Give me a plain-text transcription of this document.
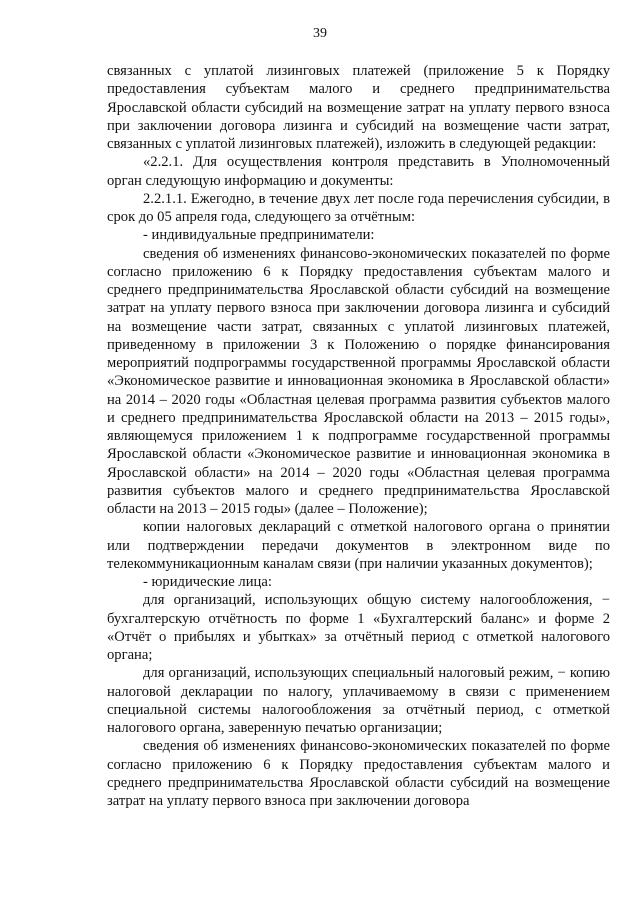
39

связанных с уплатой лизинговых платежей (приложение 5 к Порядку предоставления субъектам малого и среднего предпринимательства Ярославской области субсидий на возмещение затрат на уплату первого взноса при заключении договора лизинга и субсидий на возмещение части затрат, связанных с уплатой лизинговых платежей), изложить в следующей редакции:

«2.2.1. Для осуществления контроля представить в Уполномоченный орган следующую информацию и документы:

2.2.1.1. Ежегодно, в течение двух лет после года перечисления субсидии, в срок до 05 апреля года, следующего за отчётным:

- индивидуальные предприниматели:

сведения об изменениях финансово-экономических показателей по форме согласно приложению 6 к Порядку предоставления субъектам малого и среднего предпринимательства Ярославской области субсидий на возмещение затрат на уплату первого взноса при заключении договора лизинга и субсидий на возмещение части затрат, связанных с уплатой лизинговых платежей, приведенному в приложении 3 к Положению о порядке финансирования мероприятий подпрограммы государственной программы Ярославской области «Экономическое развитие и инновационная экономика в Ярославской области» на 2014 – 2020 годы «Областная целевая программа развития субъектов малого и среднего предпринимательства Ярославской области на 2013 – 2015 годы», являющемуся приложением 1 к подпрограмме государственной программы Ярославской области «Экономическое развитие и инновационная экономика в Ярославской области» на 2014 – 2020 годы «Областная целевая программа развития субъектов малого и среднего предпринимательства Ярославской области на 2013 – 2015 годы» (далее – Положение);

копии налоговых деклараций с отметкой налогового органа о принятии или подтверждении передачи документов в электронном виде по телекоммуникационным каналам связи (при наличии указанных документов);

- юридические лица:

для организаций, использующих общую систему налогообложения, − бухгалтерскую отчётность по форме 1 «Бухгалтерский баланс» и форме 2 «Отчёт о прибылях и убытках» за отчётный период с отметкой налогового органа;

для организаций, использующих специальный налоговый режим, − копию налоговой декларации по налогу, уплачиваемому в связи с применением специальной системы налогообложения за отчётный период, с отметкой налогового органа, заверенную печатью организации;

сведения об изменениях финансово-экономических показателей по форме согласно приложению 6 к Порядку предоставления субъектам малого и среднего предпринимательства Ярославской области субсидий на возмещение затрат на уплату первого взноса при заключении договора
